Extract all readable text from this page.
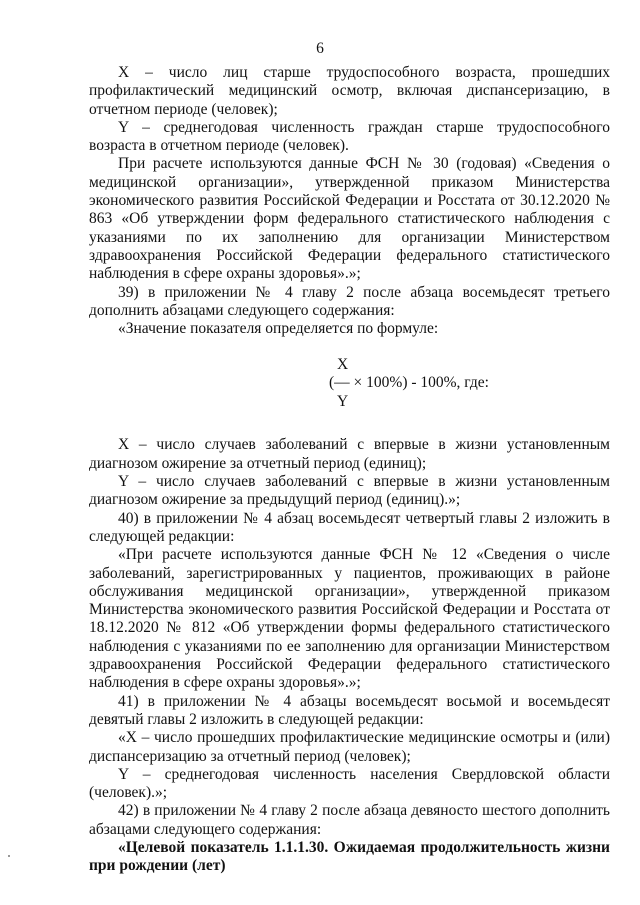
6

X – число лиц старше трудоспособного возраста, прошедших профилактический медицинский осмотр, включая диспансеризацию, в отчетном периоде (человек);

Y – среднегодовая численность граждан старше трудоспособного возраста в отчетном периоде (человек).

При расчете используются данные ФСН № 30 (годовая) «Сведения о медицинской организации», утвержденной приказом Министерства экономического развития Российской Федерации и Росстата от 30.12.2020 № 863 «Об утверждении форм федерального статистического наблюдения с указаниями по их заполнению для организации Министерством здравоохранения Российской Федерации федерального статистического наблюдения в сфере охраны здоровья».»;

39) в приложении № 4 главу 2 после абзаца восемьдесят третьего дополнить абзацами следующего содержания:

«Значение показателя определяется по формуле:

X
(— × 100%) - 100%, где:
Y

X – число случаев заболеваний с впервые в жизни установленным диагнозом ожирение за отчетный период (единиц);

Y – число случаев заболеваний с впервые в жизни установленным диагнозом ожирение за предыдущий период (единиц).»;

40) в приложении № 4 абзац восемьдесят четвертый главы 2 изложить в следующей редакции:

«При расчете используются данные ФСН № 12 «Сведения о числе заболеваний, зарегистрированных у пациентов, проживающих в районе обслуживания медицинской организации», утвержденной приказом Министерства экономического развития Российской Федерации и Росстата от 18.12.2020 № 812 «Об утверждении формы федерального статистического наблюдения с указаниями по ее заполнению для организации Министерством здравоохранения Российской Федерации федерального статистического наблюдения в сфере охраны здоровья».»;

41) в приложении № 4 абзацы восемьдесят восьмой и восемьдесят девятый главы 2 изложить в следующей редакции:

«X – число прошедших профилактические медицинские осмотры и (или) диспансеризацию за отчетный период (человек);

Y – среднегодовая численность населения Свердловской области (человек).»;

42) в приложении № 4 главу 2 после абзаца девяносто шестого дополнить абзацами следующего содержания:

«Целевой показатель 1.1.1.30. Ожидаемая продолжительность жизни при рождении (лет)
